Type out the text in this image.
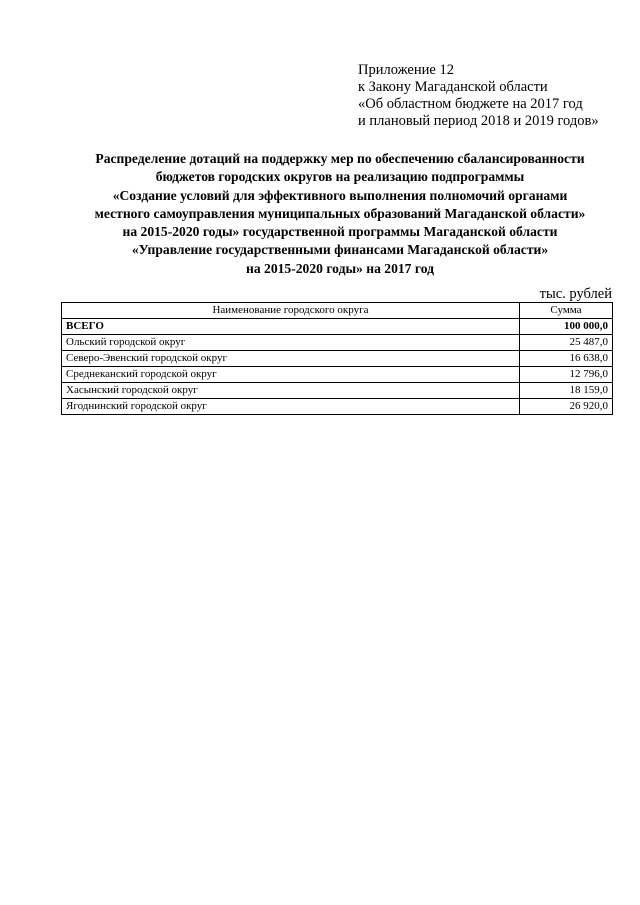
Приложение 12
к Закону Магаданской области
«Об областном бюджете на 2017 год
и плановый период 2018 и 2019 годов»
Распределение дотаций на поддержку мер по обеспечению сбалансированности
бюджетов городских округов на реализацию подпрограммы
«Создание условий для эффективного выполнения полномочий органами
местного самоуправления муниципальных образований Магаданской области»
на 2015-2020 годы» государственной программы Магаданской области
«Управление государственными финансами Магаданской области»
на 2015-2020 годы» на 2017 год
тыс. рублей
Наименование городского округа	Сумма
ВСЕГО	100 000,0
Ольский городской округ	25 487,0
Северо-Эвенский городской округ	16 638,0
Среднеканский городской округ	12 796,0
Хасынский городской округ	18 159,0
Ягоднинский городской округ	26 920,0
